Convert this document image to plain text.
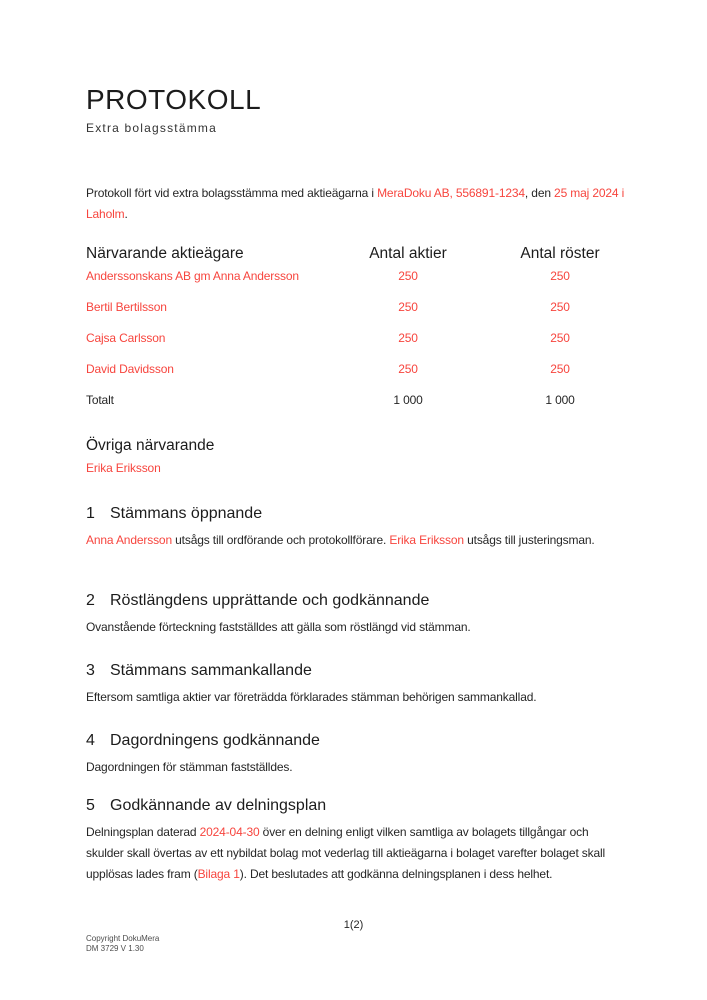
PROTOKOLL
Extra bolagsstämma

Protokoll fört vid extra bolagsstämma med aktieägarna i MeraDoku AB, 556891-1234, den 25 maj 2024 i Laholm.

Närvarande aktieägare	Antal aktier	Antal röster
Anderssonskans AB gm Anna Andersson	250	250
Bertil Bertilsson	250	250
Cajsa Carlsson	250	250
David Davidsson	250	250
Totalt	1 000	1 000
Övriga närvarande
Erika Eriksson
1 Stämmans öppnande

Anna Andersson utsågs till ordförande och protokollförare. Erika Eriksson utsågs till justeringsman.

2 Röstlängdens upprättande och godkännande

Ovanstående förteckning fastställdes att gälla som röstlängd vid stämman.

3 Stämmans sammankallande

Eftersom samtliga aktier var företrädda förklarades stämman behörigen sammankallad.

4 Dagordningens godkännande

Dagordningen för stämman fastställdes.

5 Godkännande av delningsplan

Delningsplan daterad 2024-04-30 över en delning enligt vilken samtliga av bolagets tillgångar och skulder skall övertas av ett nybildat bolag mot vederlag till aktieägarna i bolaget varefter bolaget skall upplösas lades fram (Bilaga 1). Det beslutades att godkänna delningsplanen i dess helhet.

1(2)
Copyright DokuMera
DM 3729 V 1.30
